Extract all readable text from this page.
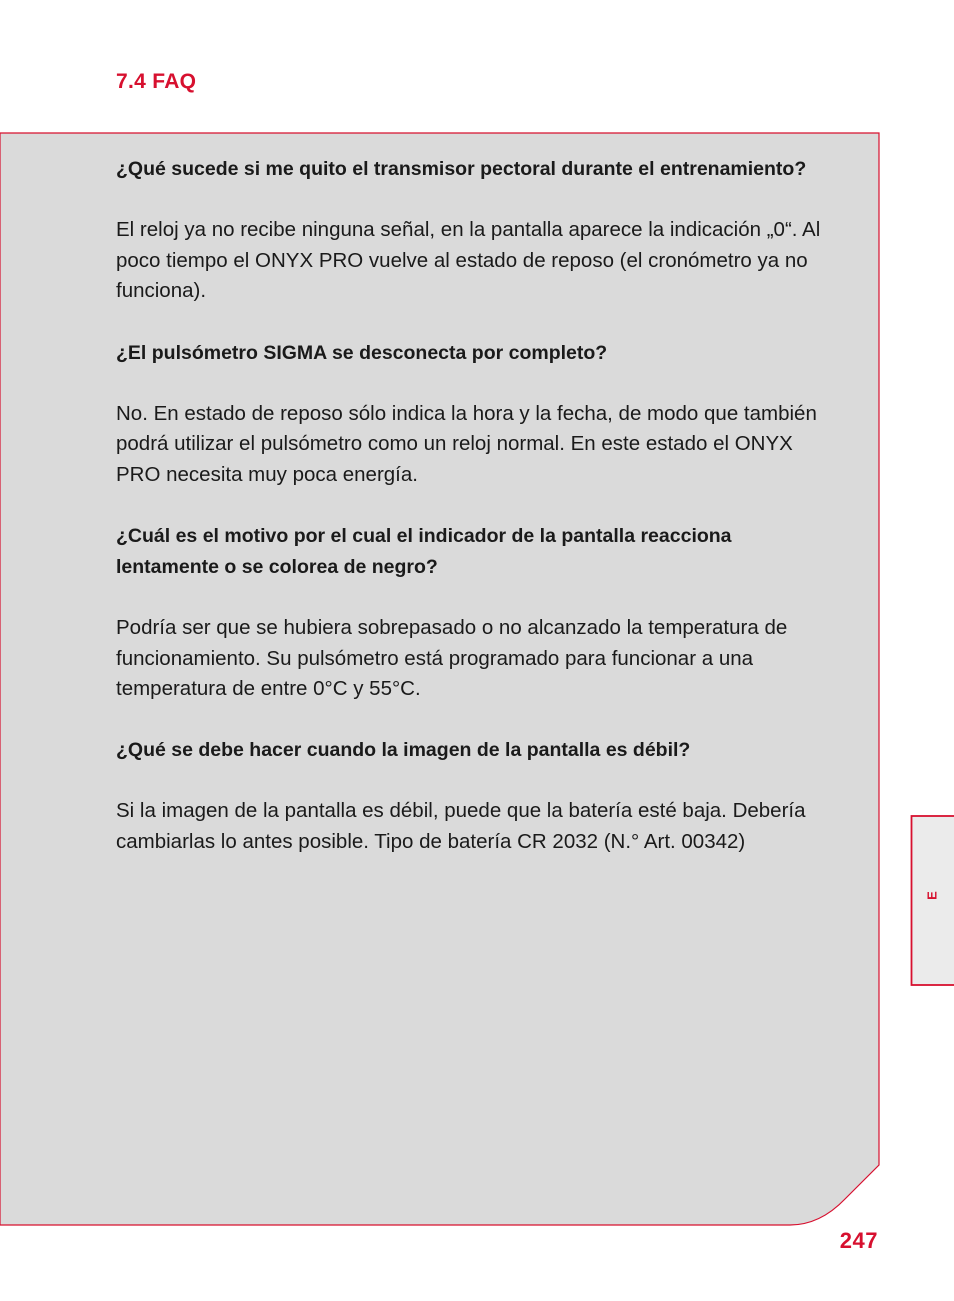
7.4 FAQ

¿Qué sucede si me quito el transmisor pectoral durante el entrenamiento?

El reloj ya no recibe ninguna señal, en la pantalla aparece la indicación „0“. Al poco tiempo el ONYX PRO vuelve al estado de reposo (el cronómetro ya no funciona).

¿El pulsómetro SIGMA se desconecta por completo?

No. En estado de reposo sólo indica la hora y la fecha, de modo que también podrá utilizar el pulsómetro como un reloj normal. En este estado el ONYX PRO necesita muy poca energía.

¿Cuál es el motivo por el cual el indicador de la pantalla reacciona lentamente o se colorea de negro?

Podría ser que se hubiera sobrepasado o no alcanzado la temperatura de funcionamiento. Su pulsómetro está programado para funcionar a una temperatura de entre 0°C y 55°C.

¿Qué se debe hacer cuando la imagen de la pantalla es débil?

Si la imagen de la pantalla es débil, puede que la batería esté baja. Debería cambiarlas lo antes posible. Tipo de batería CR 2032 (N.° Art. 00342)

E
247
